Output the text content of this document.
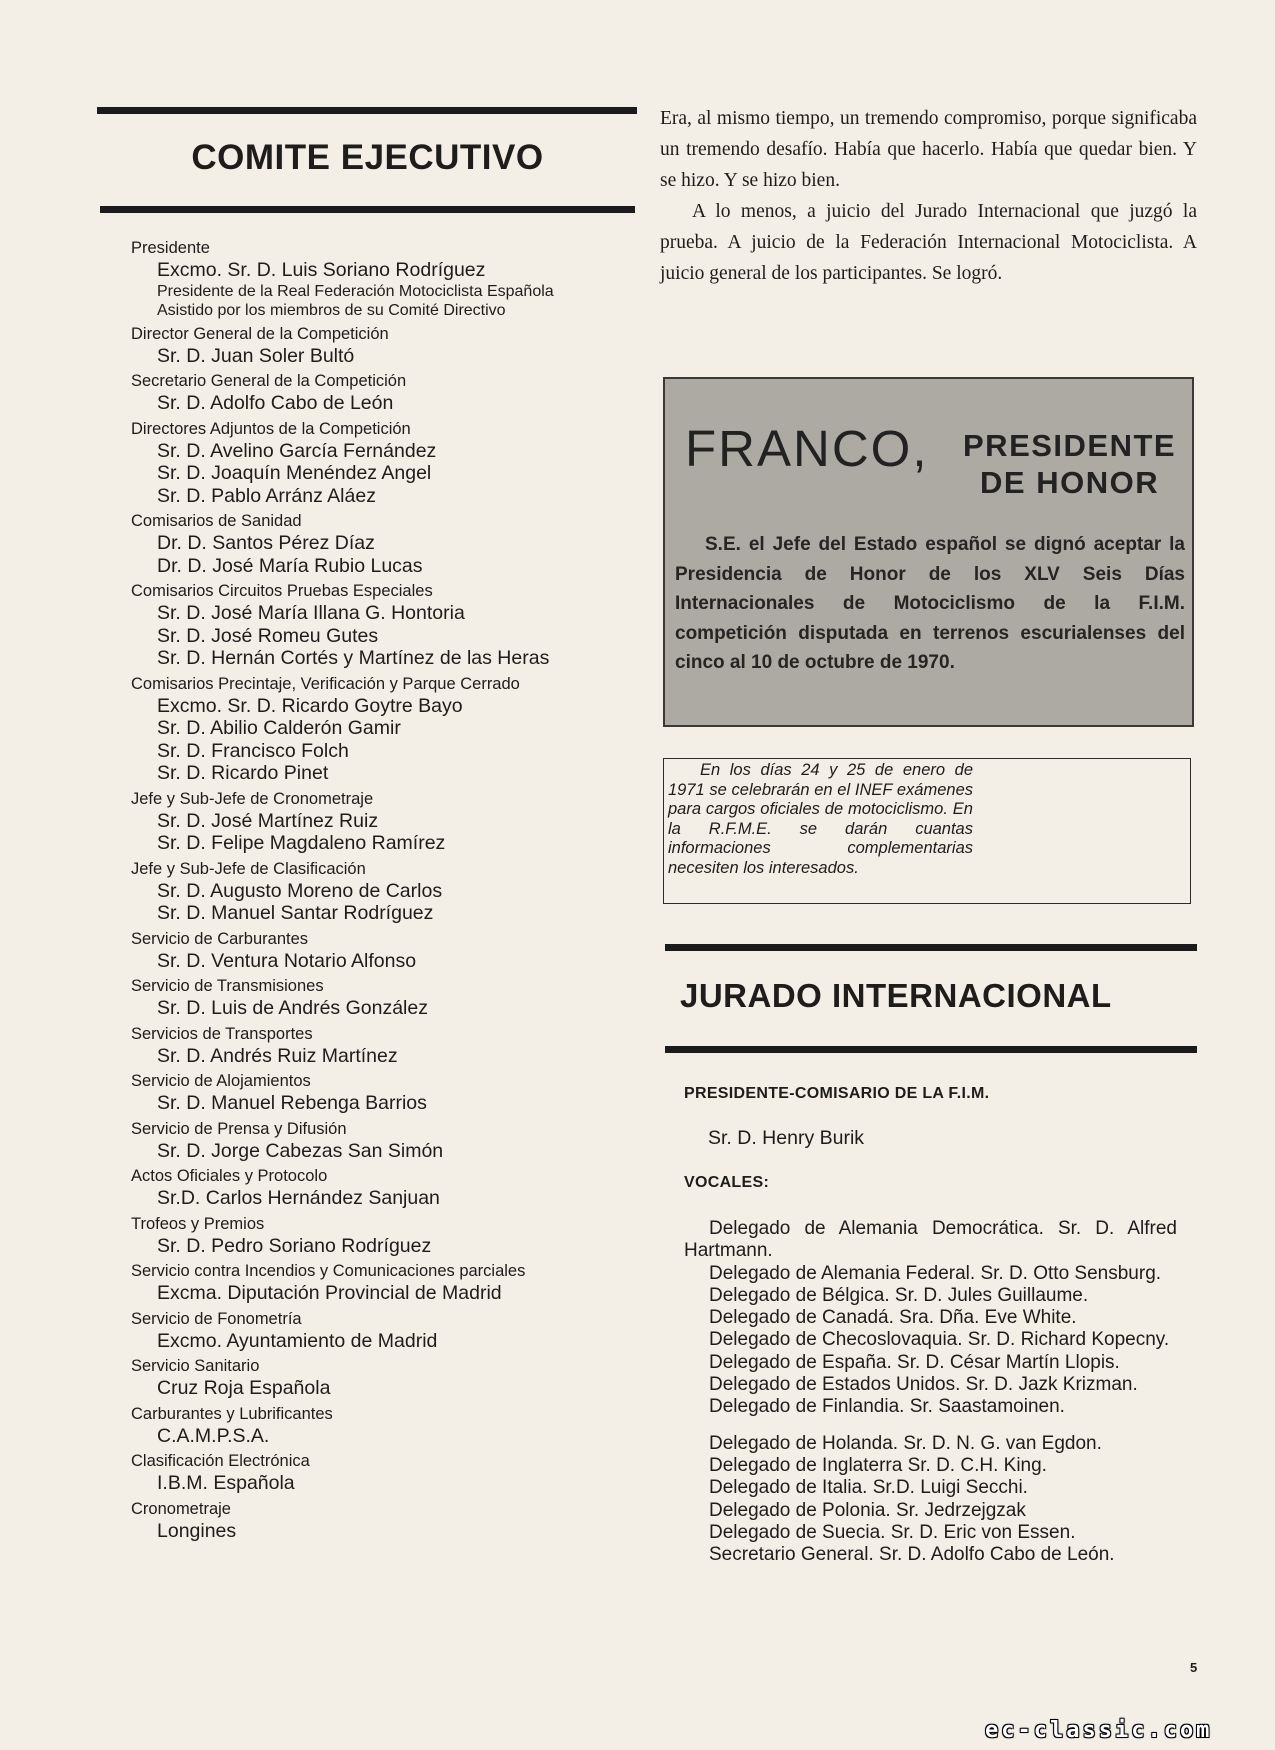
COMITE EJECUTIVO
Presidente
Excmo. Sr. D. Luis Soriano Rodríguez
Presidente de la Real Federación Motociclista Española
Asistido por los miembros de su Comité Directivo
Director General de la Competición
Sr. D. Juan Soler Bultó
Secretario General de la Competición
Sr. D. Adolfo Cabo de León
Directores Adjuntos de la Competición
Sr. D. Avelino García Fernández
Sr. D. Joaquín Menéndez Angel
Sr. D. Pablo Arránz Aláez
Comisarios de Sanidad
Dr. D. Santos Pérez Díaz
Dr. D. José María Rubio Lucas
Comisarios Circuitos Pruebas Especiales
Sr. D. José María Illana G. Hontoria
Sr. D. José Romeu Gutes
Sr. D. Hernán Cortés y Martínez de las Heras
Comisarios Precintaje, Verificación y Parque Cerrado
Excmo. Sr. D. Ricardo Goytre Bayo
Sr. D. Abilio Calderón Gamir
Sr. D. Francisco Folch
Sr. D. Ricardo Pinet
Jefe y Sub-Jefe de Cronometraje
Sr. D. José Martínez Ruiz
Sr. D. Felipe Magdaleno Ramírez
Jefe y Sub-Jefe de Clasificación
Sr. D. Augusto Moreno de Carlos
Sr. D. Manuel Santar Rodríguez
Servicio de Carburantes
Sr. D. Ventura Notario Alfonso
Servicio de Transmisiones
Sr. D. Luis de Andrés González
Servicios de Transportes
Sr. D. Andrés Ruiz Martínez
Servicio de Alojamientos
Sr. D. Manuel Rebenga Barrios
Servicio de Prensa y Difusión
Sr. D. Jorge Cabezas San Simón
Actos Oficiales y Protocolo
Sr.D. Carlos Hernández Sanjuan
Trofeos y Premios
Sr. D. Pedro Soriano Rodríguez
Servicio contra Incendios y Comunicaciones parciales
Excma. Diputación Provincial de Madrid
Servicio de Fonometría
Excmo. Ayuntamiento de Madrid
Servicio Sanitario
Cruz Roja Española
Carburantes y Lubrificantes
C.A.M.P.S.A.
Clasificación Electrónica
I.B.M. Española
Cronometraje
Longines

Era, al mismo tiempo, un tremendo compromiso, porque significaba un tremendo desafío. Había que hacerlo. Había que quedar bien. Y se hizo. Y se hizo bien.

A lo menos, a juicio del Jurado Internacional que juzgó la prueba. A juicio de la Federación Internacional Motociclista. A juicio general de los participantes. Se logró.

FRANCO, PRESIDENTE
DE HONOR
S.E. el Jefe del Estado español se dignó aceptar la Presidencia de Honor de los XLV Seis Días Internacionales de Motociclismo de la F.I.M. competición disputada en terrenos escurialenses del cinco al 10 de octubre de 1970.
En los días 24 y 25 de enero de 1971 se celebrarán en el INEF exámenes para cargos oficiales de motociclismo. En la R.F.M.E. se darán cuantas informaciones complementarias necesiten los interesados.
JURADO INTERNACIONAL
PRESIDENTE-COMISARIO DE LA F.I.M.
Sr. D. Henry Burik
VOCALES:
Delegado de Alemania Democrática. Sr. D. Alfred Hartmann.
Delegado de Alemania Federal. Sr. D. Otto Sensburg.
Delegado de Bélgica. Sr. D. Jules Guillaume.
Delegado de Canadá. Sra. Dña. Eve White.
Delegado de Checoslovaquia. Sr. D. Richard Kopecny.
Delegado de España. Sr. D. César Martín Llopis.
Delegado de Estados Unidos. Sr. D. Jazk Krizman.
Delegado de Finlandia. Sr. Saastamoinen.
Delegado de Holanda. Sr. D. N. G. van Egdon.
Delegado de Inglaterra Sr. D. C.H. King.
Delegado de Italia. Sr.D. Luigi Secchi.
Delegado de Polonia. Sr. Jedrzejgzak
Delegado de Suecia. Sr. D. Eric von Essen.
Secretario General. Sr. D. Adolfo Cabo de León.
5
ec-classic.com
